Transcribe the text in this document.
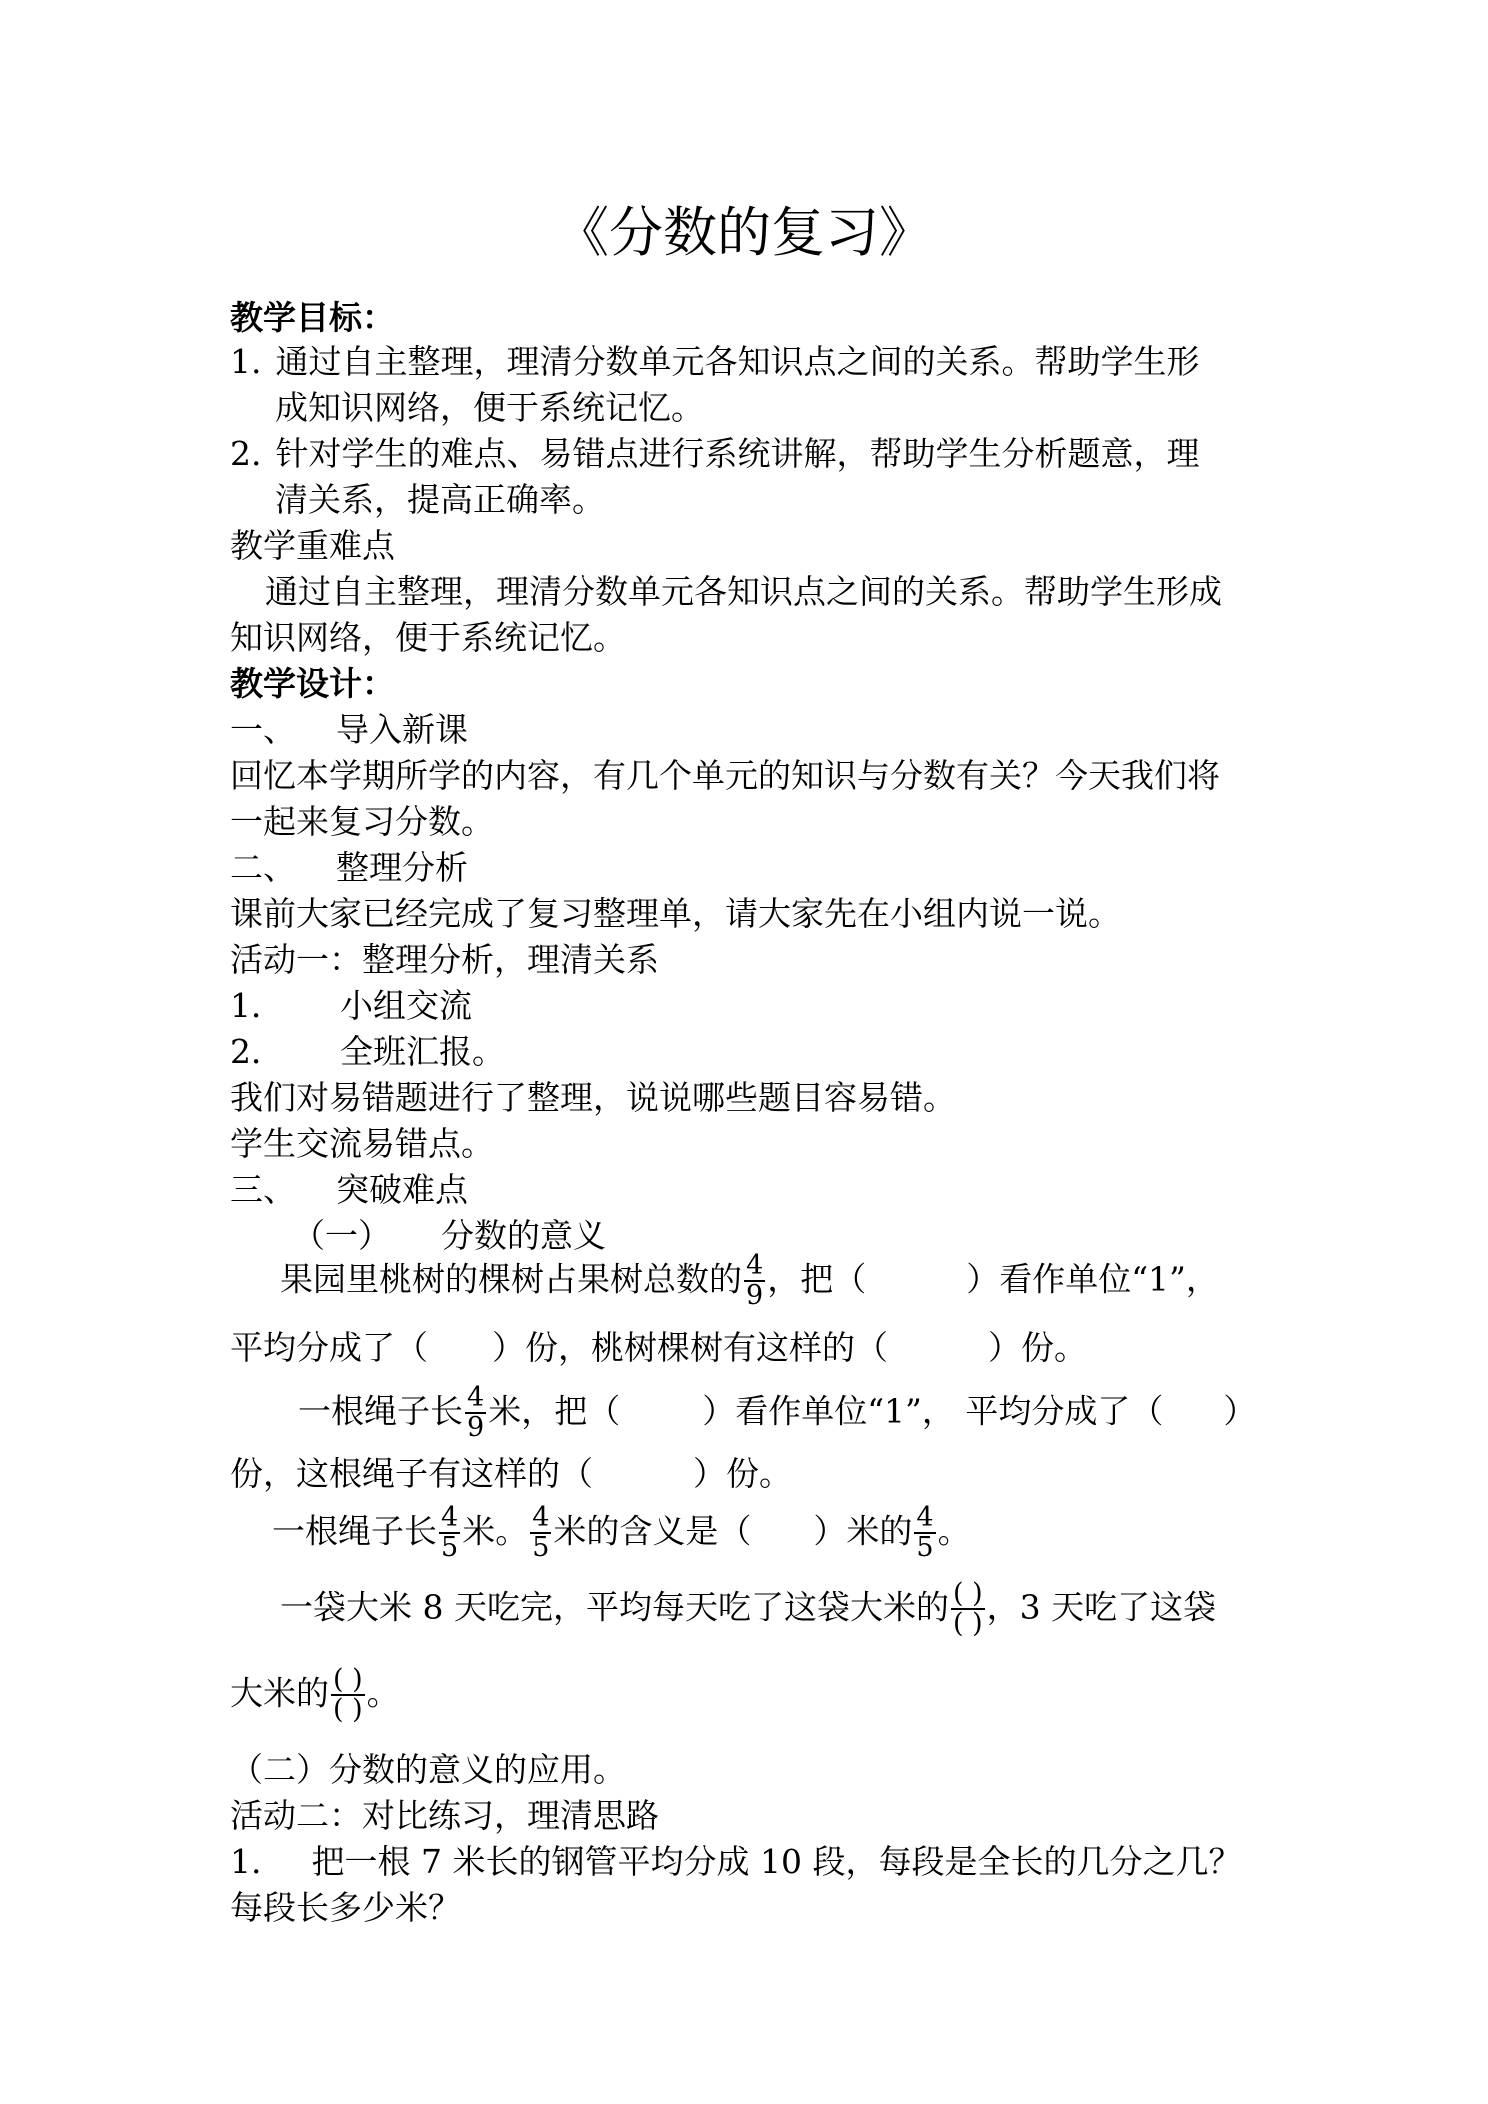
《分数的复习》
教学目标：
1. 通过自主整理，理清分数单元各知识点之间的关系。帮助学生形
成知识网络，便于系统记忆。
2. 针对学生的难点、易错点进行系统讲解，帮助学生分析题意，理
清关系，提高正确率。
教学重难点
通过自主整理，理清分数单元各知识点之间的关系。帮助学生形成
知识网络，便于系统记忆。
教学设计：
一、 导入新课
回忆本学期所学的内容，有几个单元的知识与分数有关？今天我们将
一起来复习分数。
二、 整理分析
课前大家已经完成了复习整理单，请大家先在小组内说一说。
活动一：整理分析，理清关系
1． 小组交流
2． 全班汇报。
我们对易错题进行了整理，说说哪些题目容易错。
学生交流易错点。
三、 突破难点
（一） 分数的意义
果园里桃树的棵树占果树总数的 $\frac{4}{9}$ ，把（	）看作单位“1”，
平均分成了（ ）份，桃树棵树有这样的（	）份。
一根绳子长 $\frac{4}{9}$ 米，把（ ）看作单位“1”， 平均分成了（ ）
份，这根绳子有这样的（	）份。
一根绳子长 $\frac{4}{5}$ 米。 $\frac{4}{5}$ 米的含义是（ ）米的 $\frac{4}{5}$ 。
一袋大米 8 天吃完，平均每天吃了这袋大米的 $\frac{( )}{( )}$ ，3 天吃了这袋
大米的 $\frac{( )}{( )}$ 。
（二）分数的意义的应用。
活动二：对比练习，理清思路
1. 把一根 7 米长的钢管平均分成 10 段，每段是全长的几分之几？
每段长多少米？
